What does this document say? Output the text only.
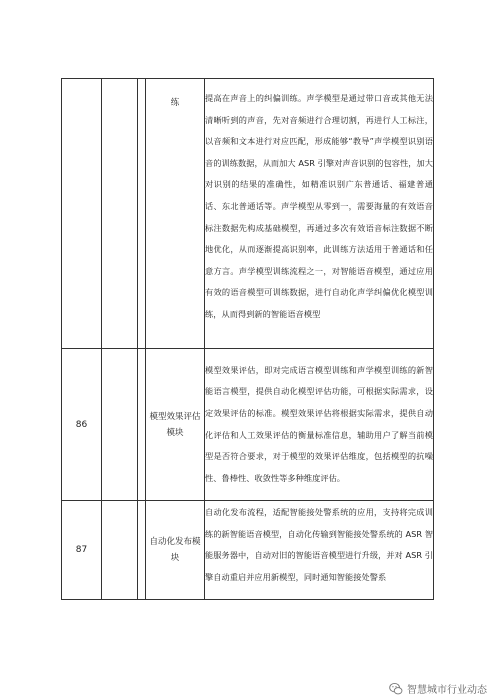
			练	提高在声音上的纠偏训练。声学模型是通过带口音或其他无法清晰听到的声音，先对音频进行合理切割，再进行人工标注，以音频和文本进行对应匹配，形成能够“教导”声学模型识别语音的训练数据，从而加大 ASR 引擎对声音识别的包容性，加大对识别的结果的准确性，如精准识别广东普通话、福建普通话、东北普通话等。声学模型从零到一，需要海量的有效语音标注数据先构成基础模型，再通过多次有效语音标注数据不断地优化，从而逐渐提高识别率，此训练方法适用于普通话和任意方言。声学模型训练流程之一，对智能语音模型，通过应用有效的语音模型可训练数据，进行自动化声学纠偏优化模型训练，从而得到新的智能语音模型
86			模型效果评估模块	模型效果评估，即对完成语言模型训练和声学模型训练的新智能语言模型，提供自动化模型评估功能，可根据实际需求，设定效果评估的标准。模型效果评估将根据实际需求，提供自动化评估和人工效果评估的衡量标准信息，辅助用户了解当前模型是否符合要求，对于模型的效果评估维度，包括模型的抗噪性、鲁棒性、收敛性等多种维度评估。
87			自动化发布模块	自动化发布流程，适配智能接处警系统的应用，支持将完成训练的新智能语音模型，自动化传输到智能接处警系统的 ASR 智能服务器中，自动对旧的智能语音模型进行升级，并对 ASR 引擎自动重启并应用新模型，同时通知智能接处警系
智慧城市行业动态
